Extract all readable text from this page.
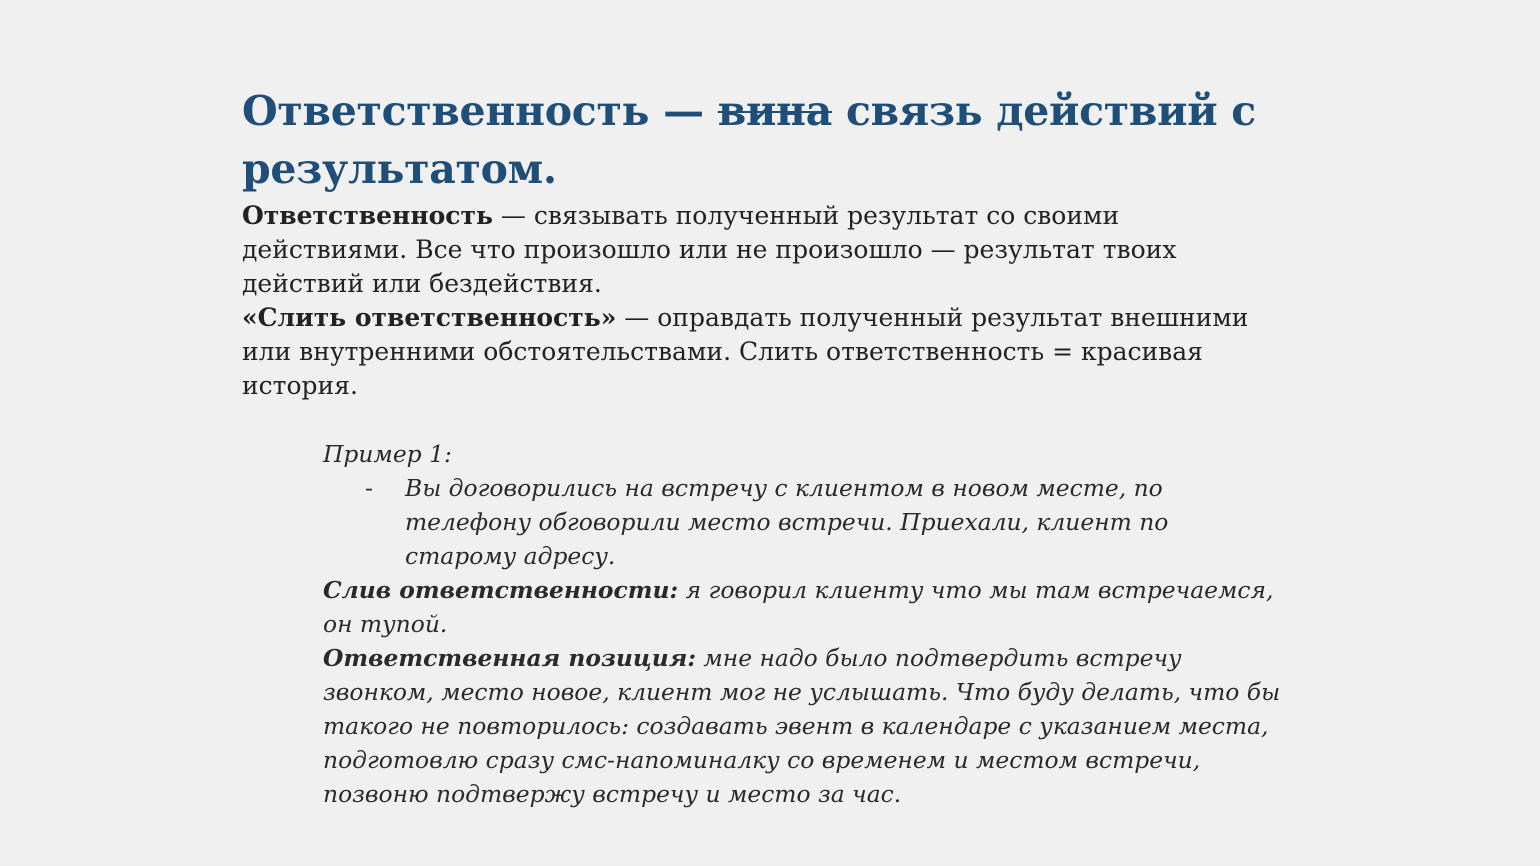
Ответственность — вина связь действий с результатом.

Ответственность — связывать полученный результат со своими действиями. Все что произошло или не произошло — результат твоих действий или бездействия.

«Слить ответственность» — оправдать полученный результат внешними или внутренними обстоятельствами. Слить ответственность = красивая история.

Пример 1:

-	Вы договорились на встречу с клиентом в новом месте, по телефону обговорили место встречи. Приехали, клиент по старому адресу.

Слив ответственности: я говорил клиенту что мы там встречаемся, он тупой.

Ответственная позиция: мне надо было подтвердить встречу звонком, место новое, клиент мог не услышать. Что буду делать, что бы такого не повторилось: создавать эвент в календаре с указанием места, подготовлю сразу смс-напоминалку со временем и местом встречи, позвоню подтвержу встречу и место за час.
